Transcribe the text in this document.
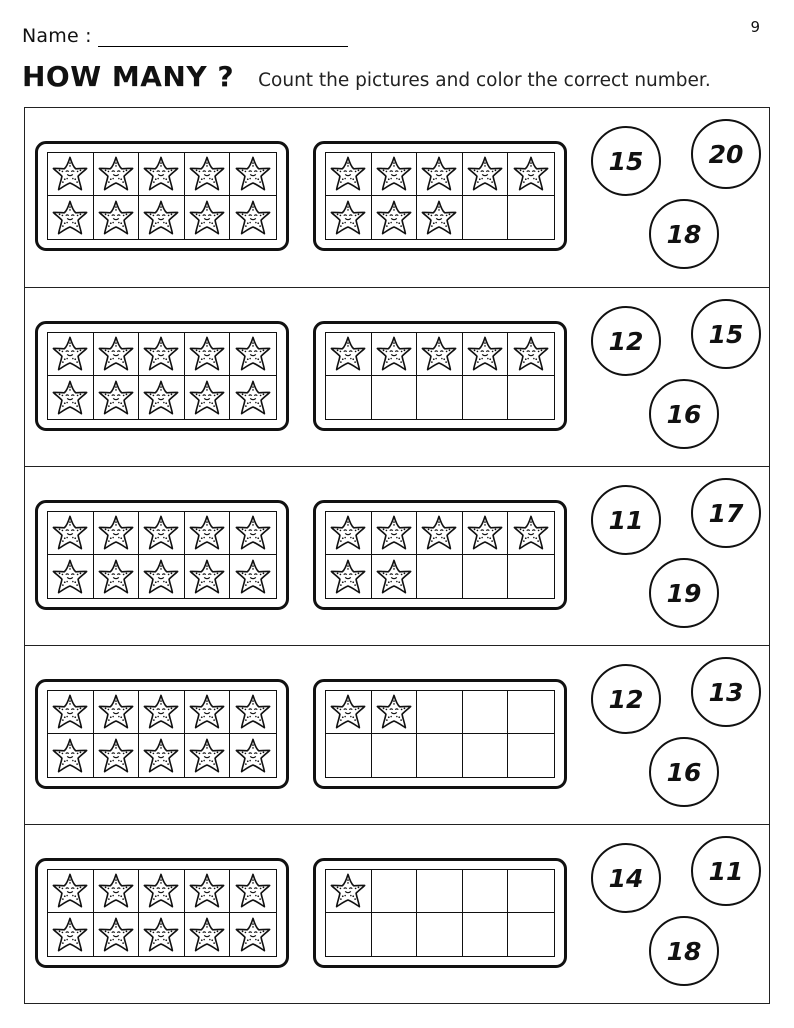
Name :	9
HOW MANY ? Count the pictures and color the correct number.
15	20
18
12	15
16
11	17
19
12	13
16
14	11
18
